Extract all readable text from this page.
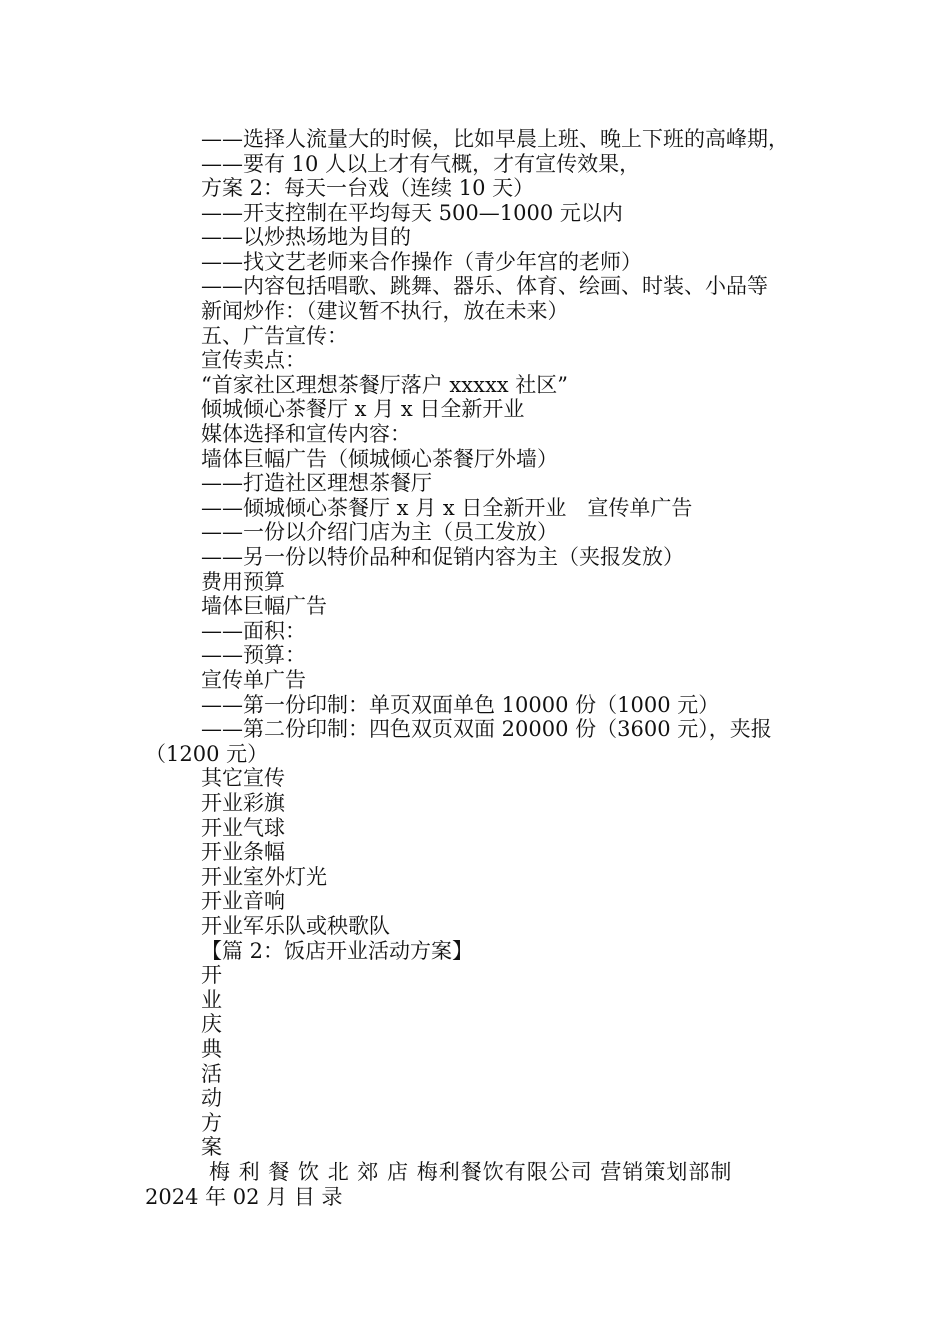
——选择人流量大的时候，比如早晨上班、晚上下班的高峰期，
——要有 10 人以上才有气概，才有宣传效果，
方案 2：每天一台戏（连续 10 天）
——开支控制在平均每天 500—1000 元以内
——以炒热场地为目的
——找文艺老师来合作操作（青少年宫的老师）
——内容包括唱歌、跳舞、器乐、体育、绘画、时装、小品等
新闻炒作：（建议暂不执行，放在未来）
五、广告宣传：
宣传卖点：
“首家社区理想茶餐厅落户 xxxxx 社区”
倾城倾心茶餐厅 x 月 x 日全新开业
媒体选择和宣传内容：
墙体巨幅广告（倾城倾心茶餐厅外墙）
——打造社区理想茶餐厅
——倾城倾心茶餐厅 x 月 x 日全新开业　宣传单广告
——一份以介绍门店为主（员工发放）
——另一份以特价品种和促销内容为主（夹报发放）
费用预算
墙体巨幅广告
——面积：
——预算：
宣传单广告
——第一份印制：单页双面单色 10000 份（1000 元）
——第二份印制：四色双页双面 20000 份（3600 元），夹报
（1200 元）
其它宣传
开业彩旗
开业气球
开业条幅
开业室外灯光
开业音响
开业军乐队或秧歌队
【篇 2：饭店开业活动方案】
开
业
庆
典
活
动
方
案
梅 利 餐 饮 北 郊 店 梅利餐饮有限公司 营销策划部制
2024 年 02 月 目 录
